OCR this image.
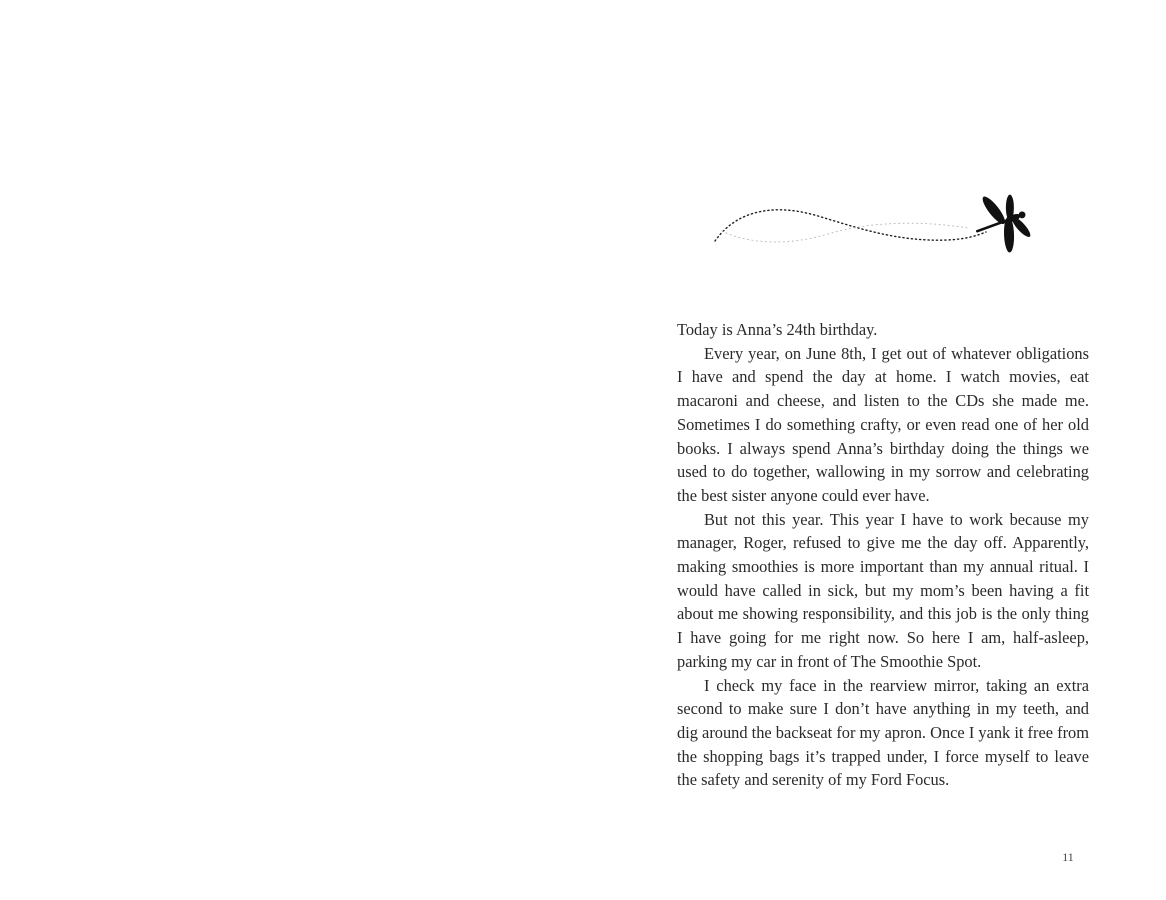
Today is Anna’s 24th birthday.

Every year, on June 8th, I get out of whatever obligations I have and spend the day at home. I watch movies, eat macaroni and cheese, and listen to the CDs she made me. Sometimes I do something crafty, or even read one of her old books. I always spend Anna’s birthday doing the things we used to do together, wallowing in my sorrow and celebrating the best sister anyone could ever have.

But not this year. This year I have to work because my manager, Roger, refused to give me the day off. Apparently, making smoothies is more important than my annual ritual. I would have called in sick, but my mom’s been having a fit about me showing responsibility, and this job is the only thing I have going for me right now. So here I am, half-asleep, parking my car in front of The Smoothie Spot.

I check my face in the rearview mirror, taking an extra second to make sure I don’t have anything in my teeth, and dig around the backseat for my apron. Once I yank it free from the shopping bags it’s trapped under, I force myself to leave the safety and serenity of my Ford Focus.

11
